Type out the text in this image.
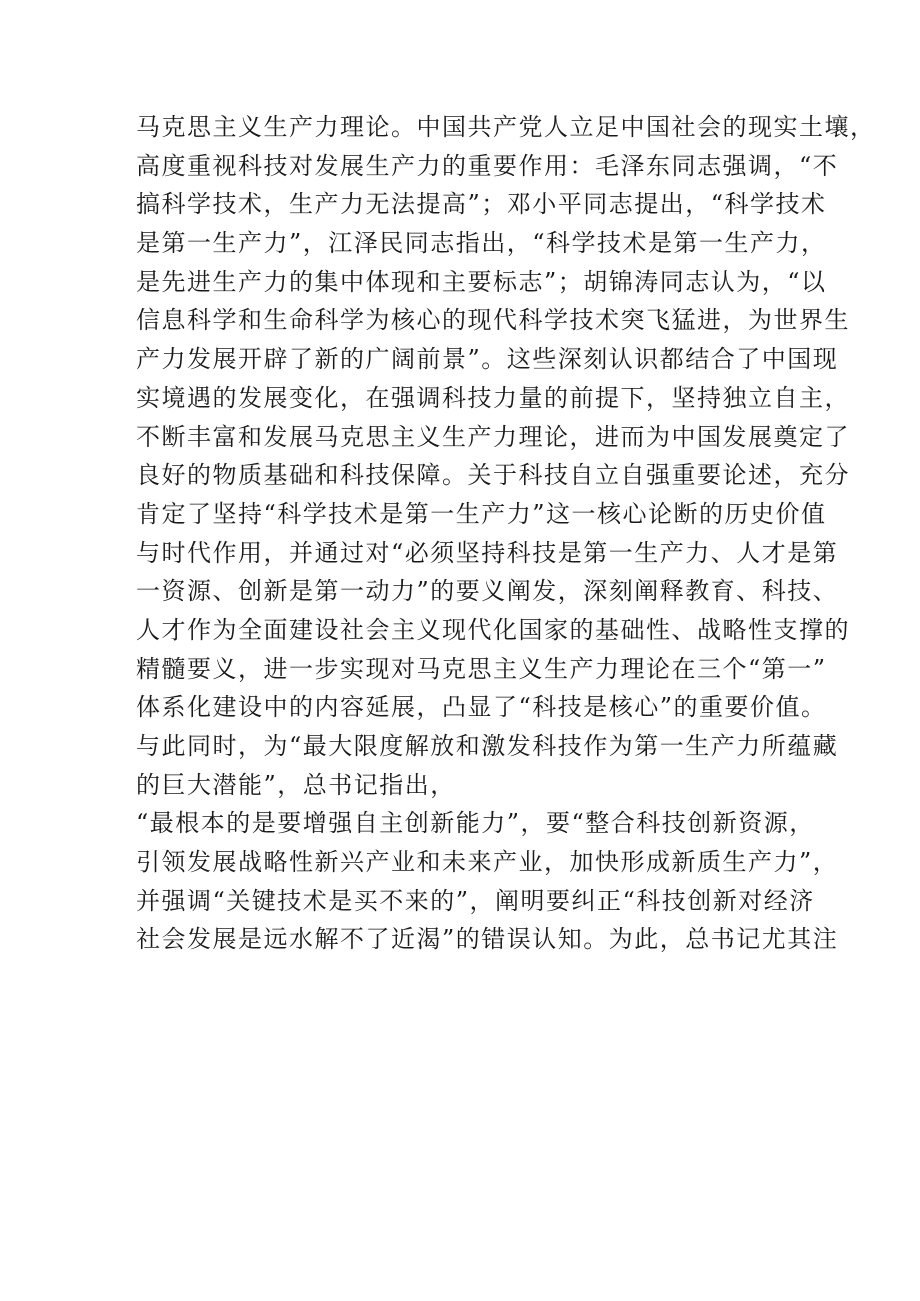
马克思主义生产力理论。中国共产党人立足中国社会的现实土壤，
高度重视科技对发展生产力的重要作用：毛泽东同志强调，“不
搞科学技术，生产力无法提高”；邓小平同志提出，“科学技术
是第一生产力”，江泽民同志指出，“科学技术是第一生产力，
是先进生产力的集中体现和主要标志”；胡锦涛同志认为，“以
信息科学和生命科学为核心的现代科学技术突飞猛进，为世界生
产力发展开辟了新的广阔前景”。这些深刻认识都结合了中国现
实境遇的发展变化，在强调科技力量的前提下，坚持独立自主，
不断丰富和发展马克思主义生产力理论，进而为中国发展奠定了
良好的物质基础和科技保障。关于科技自立自强重要论述，充分
肯定了坚持“科学技术是第一生产力”这一核心论断的历史价值
与时代作用，并通过对“必须坚持科技是第一生产力、人才是第
一资源、创新是第一动力”的要义阐发，深刻阐释教育、科技、
人才作为全面建设社会主义现代化国家的基础性、战略性支撑的
精髓要义，进一步实现对马克思主义生产力理论在三个“第一”
体系化建设中的内容延展，凸显了“科技是核心”的重要价值。
与此同时，为“最大限度解放和激发科技作为第一生产力所蕴藏
的巨大潜能”，总书记指出，
“最根本的是要增强自主创新能力”，要“整合科技创新资源，
引领发展战略性新兴产业和未来产业，加快形成新质生产力”，
并强调“关键技术是买不来的”，阐明要纠正“科技创新对经济
社会发展是远水解不了近渴”的错误认知。为此，总书记尤其注
